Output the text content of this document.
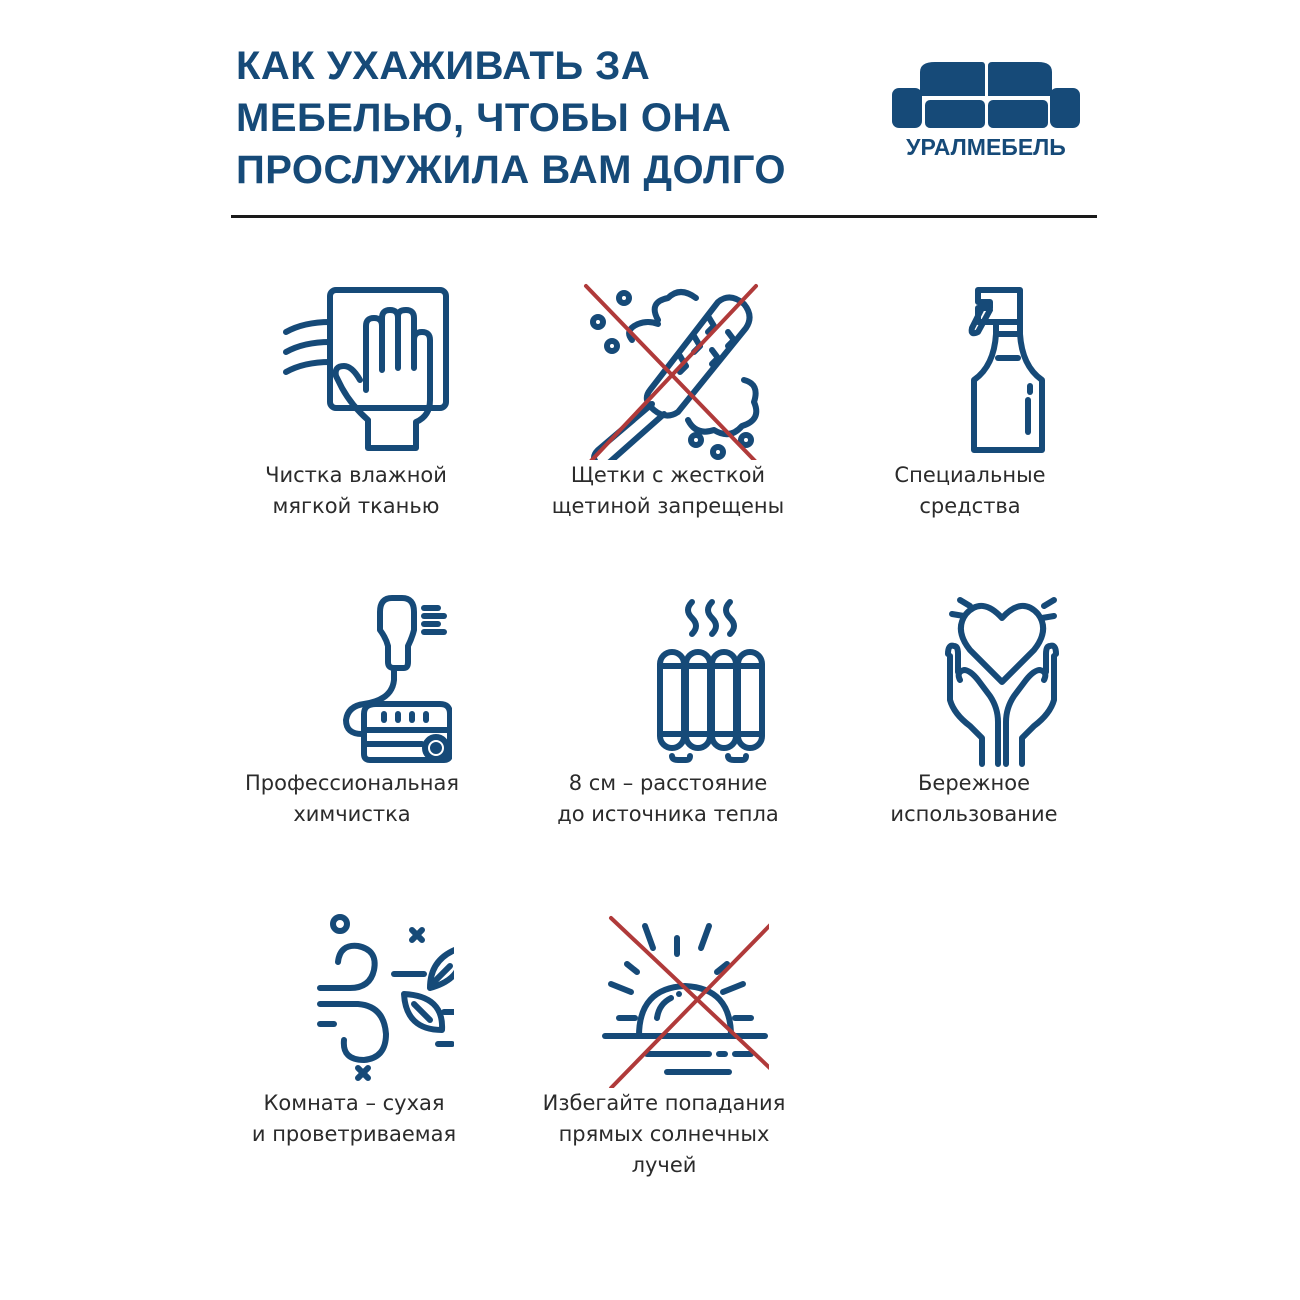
КАК УХАЖИВАТЬ ЗА
МЕБЕЛЬЮ, ЧТОБЫ ОНА
ПРОСЛУЖИЛА ВАМ ДОЛГО
УРАЛМЕБЕЛЬ
Чистка влажной
мягкой тканью
Щетки с жесткой
щетиной запрещены
Специальные
средства
Профессиональная
химчистка
8 см – расстояние
до источника тепла
Бережное
использование
Комната – сухая
и проветриваемая
Избегайте попадания
прямых солнечных
лучей
